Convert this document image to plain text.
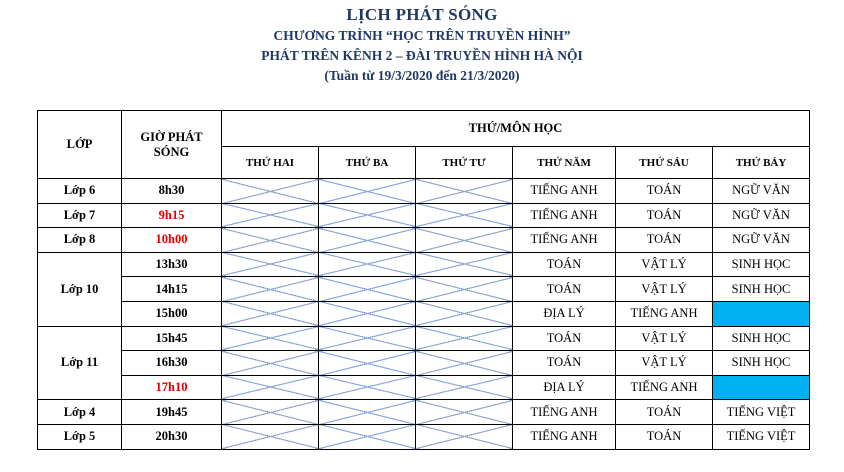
LỊCH PHÁT SÓNG
CHƯƠNG TRÌNH “HỌC TRÊN TRUYỀN HÌNH”
PHÁT TRÊN KÊNH 2 – ĐÀI TRUYỀN HÌNH HÀ NỘI
(Tuần từ 19/3/2020 đến 21/3/2020)
LỚP	GIỜ PHÁT SÓNG	THỨ/MÔN HỌC					
		THỨ HAI	THỨ BA	THỨ TƯ	THỨ NĂM	THỨ SÁU	THỨ BẢY
Lớp 6	8h30				TIẾNG ANH	TOÁN	NGỮ VĂN
Lớp 7	9h15				TIẾNG ANH	TOÁN	NGỮ VĂN
Lớp 8	10h00				TIẾNG ANH	TOÁN	NGỮ VĂN
Lớp 10	13h30				TOÁN	VẬT LÝ	SINH HỌC
	14h15				TOÁN	VẬT LÝ	SINH HỌC
	15h00				ĐỊA LÝ	TIẾNG ANH	
Lớp 11	15h45				TOÁN	VẬT LÝ	SINH HỌC
	16h30				TOÁN	VẬT LÝ	SINH HỌC
	17h10				ĐỊA LÝ	TIẾNG ANH	
Lớp 4	19h45				TIẾNG ANH	TOÁN	TIẾNG VIỆT
Lớp 5	20h30				TIẾNG ANH	TOÁN	TIẾNG VIỆT
